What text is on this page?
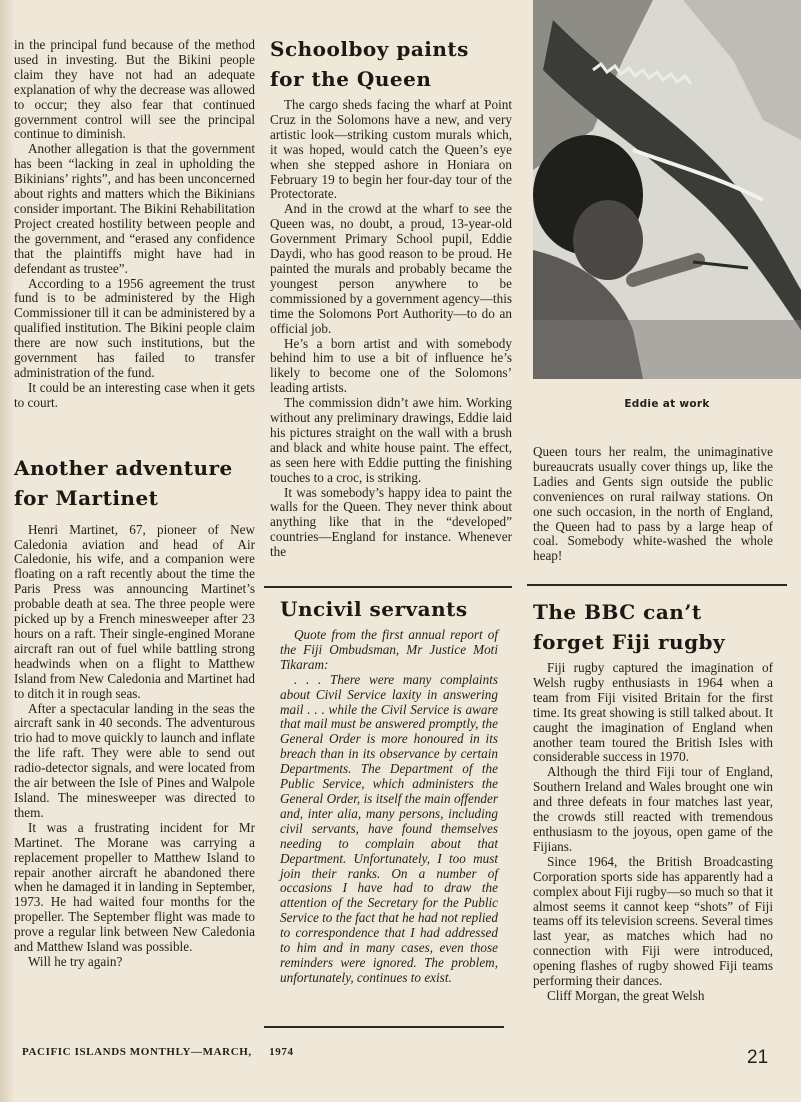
in the principal fund because of the method used in investing. But the Bikini people claim they have not had an adequate explanation of why the decrease was allowed to occur; they also fear that continued government control will see the principal continue to diminish.

Another allegation is that the government has been “lacking in zeal in upholding the Bikinians’ rights”, and has been unconcerned about rights and matters which the Bikinians consider important. The Bikini Rehabilitation Project created hostility between people and the government, and “erased any confidence that the plaintiffs might have had in defendant as trustee”.

According to a 1956 agreement the trust fund is to be administered by the High Commissioner till it can be administered by a qualified institution. The Bikini people claim there are now such institutions, but the government has failed to transfer administration of the fund.

It could be an interesting case when it gets to court.

Another adventure
for Martinet

Henri Martinet, 67, pioneer of New Caledonia aviation and head of Air Caledonie, his wife, and a companion were floating on a raft recently about the time the Paris Press was announcing Martinet’s probable death at sea. The three people were picked up by a French minesweeper after 23 hours on a raft. Their single-engined Morane aircraft ran out of fuel while battling strong headwinds when on a flight to Matthew Island from New Caledonia and Martinet had to ditch it in rough seas.

After a spectacular landing in the seas the aircraft sank in 40 seconds. The adventurous trio had to move quickly to launch and inflate the life raft. They were able to send out radio-detector signals, and were located from the air between the Isle of Pines and Walpole Island. The minesweeper was directed to them.

It was a frustrating incident for Mr Martinet. The Morane was carrying a replacement propeller to Matthew Island to repair another aircraft he abandoned there when he damaged it in landing in September, 1973. He had waited four months for the propeller. The September flight was made to prove a regular link between New Caledonia and Matthew Island was possible.

Will he try again?

Schoolboy paints
for the Queen

The cargo sheds facing the wharf at Point Cruz in the Solomons have a new, and very artistic look—striking custom murals which, it was hoped, would catch the Queen’s eye when she stepped ashore in Honiara on February 19 to begin her four-day tour of the Protectorate.

And in the crowd at the wharf to see the Queen was, no doubt, a proud, 13-year-old Government Primary School pupil, Eddie Daydi, who has good reason to be proud. He painted the murals and probably became the youngest person anywhere to be commissioned by a government agency—this time the Solomons Port Authority—to do an official job.

He’s a born artist and with somebody behind him to use a bit of influence he’s likely to become one of the Solomons’ leading artists.

The commission didn’t awe him. Working without any preliminary drawings, Eddie laid his pictures straight on the wall with a brush and black and white house paint. The effect, as seen here with Eddie putting the finishing touches to a croc, is striking.

It was somebody’s happy idea to paint the walls for the Queen. They never think about anything like that in the “developed” countries—England for instance. Whenever the

Uncivil servants

Quote from the first annual report of the Fiji Ombudsman, Mr Justice Moti Tikaram:

. . . There were many complaints about Civil Service laxity in answering mail . . . while the Civil Service is aware that mail must be answered promptly, the General Order is more honoured in its breach than in its observance by certain Departments. The Department of the Public Service, which administers the General Order, is itself the main offender and, inter alia, many persons, including civil servants, have found themselves needing to complain about that Department. Unfortunately, I too must join their ranks. On a number of occasions I have had to draw the attention of the Secretary for the Public Service to the fact that he had not replied to correspondence that I had addressed to him and in many cases, even those reminders were ignored. The problem, unfortunately, continues to exist.

Eddie at work

Queen tours her realm, the unimaginative bureaucrats usually cover things up, like the Ladies and Gents sign outside the public conveniences on rural railway stations. On one such occasion, in the north of England, the Queen had to pass by a large heap of coal. Somebody white-washed the whole heap!

The BBC can’t
forget Fiji rugby

Fiji rugby captured the imagination of Welsh rugby enthusiasts in 1964 when a team from Fiji visited Britain for the first time. Its great showing is still talked about. It caught the imagination of England when another team toured the British Isles with considerable success in 1970.

Although the third Fiji tour of England, Southern Ireland and Wales brought one win and three defeats in four matches last year, the crowds still reacted with tremendous enthusiasm to the joyous, open game of the Fijians.

Since 1964, the British Broadcasting Corporation sports side has apparently had a complex about Fiji rugby—so much so that it almost seems it cannot keep “shots” of Fiji teams off its television screens. Several times last year, as matches which had no connection with Fiji were introduced, opening flashes of rugby showed Fiji teams performing their dances.

Cliff Morgan, the great Welsh

PACIFIC ISLANDS MONTHLY—MARCH, 1974	21
